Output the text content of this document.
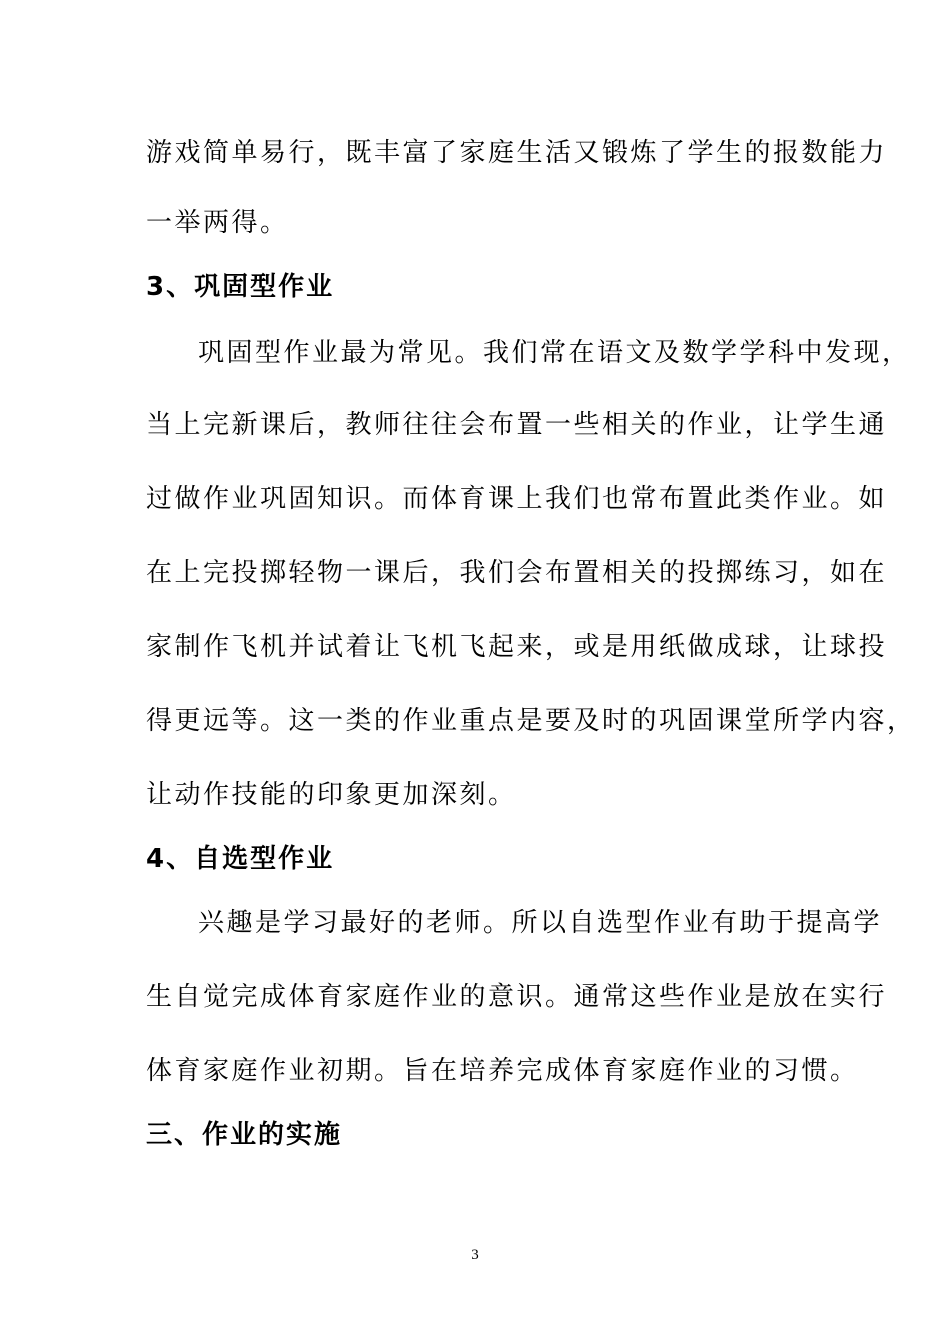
游戏简单易行，既丰富了家庭生活又锻炼了学生的报数能力
一举两得。
3、巩固型作业
巩固型作业最为常见。我们常在语文及数学学科中发现，
当上完新课后，教师往往会布置一些相关的作业，让学生通
过做作业巩固知识。而体育课上我们也常布置此类作业。如
在上完投掷轻物一课后，我们会布置相关的投掷练习，如在
家制作飞机并试着让飞机飞起来，或是用纸做成球，让球投
得更远等。这一类的作业重点是要及时的巩固课堂所学内容，
让动作技能的印象更加深刻。
4、自选型作业
兴趣是学习最好的老师。所以自选型作业有助于提高学
生自觉完成体育家庭作业的意识。通常这些作业是放在实行
体育家庭作业初期。旨在培养完成体育家庭作业的习惯。
三、作业的实施
3
